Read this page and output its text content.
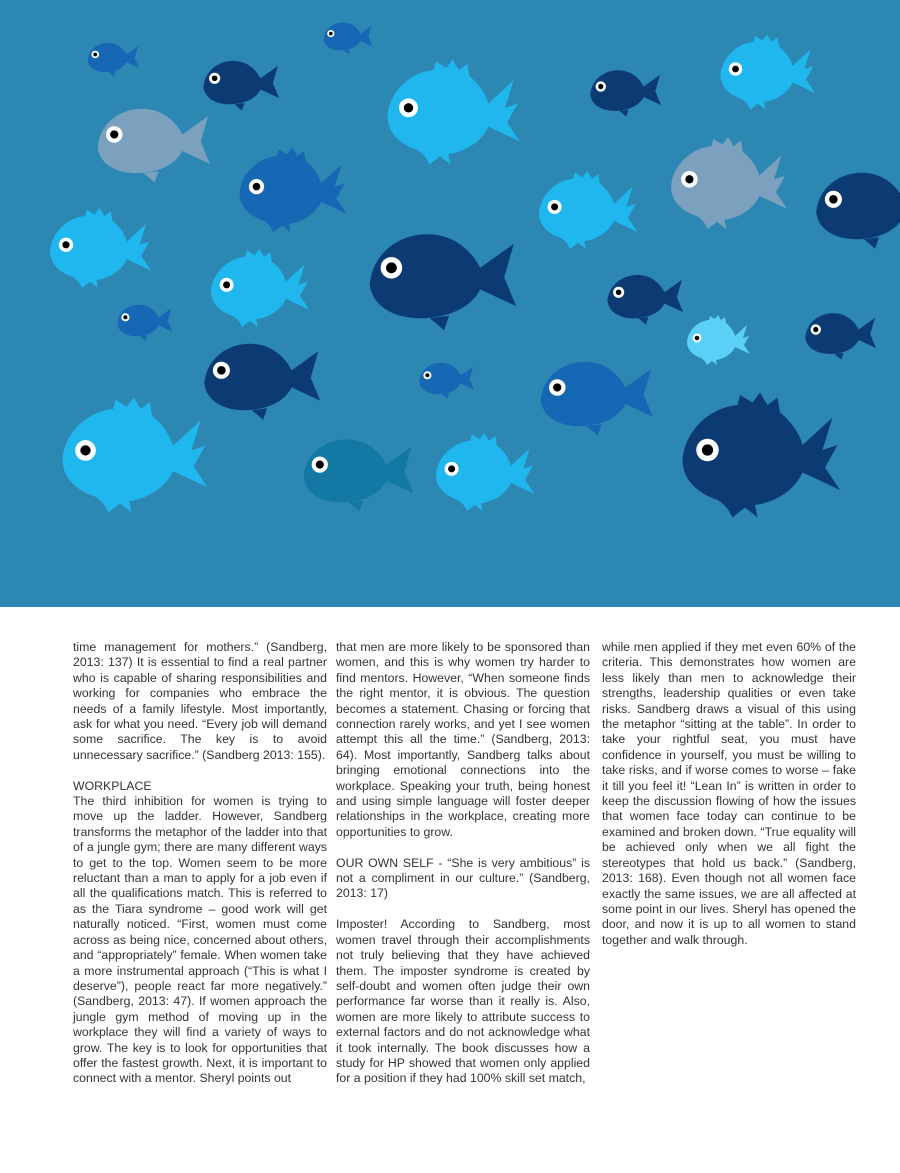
time management for mothers.” (Sandberg, 2013: 137) It is essential to find a real partner who is capable of sharing responsibilities and working for companies who embrace the needs of a family lifestyle. Most importantly, ask for what you need. “Every job will demand some sacrifice. The key is to avoid unnecessary sacrifice.” (Sandberg 2013: 155).

WORKPLACE

The third inhibition for women is trying to move up the ladder. However, Sandberg transforms the metaphor of the ladder into that of a jungle gym; there are many different ways to get to the top. Women seem to be more reluctant than a man to apply for a job even if all the qualifications match. This is referred to as the Tiara syndrome – good work will get naturally noticed. “First, women must come across as being nice, concerned about others, and “appropriately” female. When women take a more instrumental approach (“This is what I deserve”), people react far more negatively.” (Sandberg, 2013: 47). If women approach the jungle gym method of moving up in the workplace they will find a variety of ways to grow. The key is to look for opportunities that offer the fastest growth. Next, it is important to connect with a mentor. Sheryl points out

that men are more likely to be sponsored than women, and this is why women try harder to find mentors. However, “When someone finds the right mentor, it is obvious. The question becomes a statement. Chasing or forcing that connection rarely works, and yet I see women attempt this all the time.” (Sandberg, 2013: 64). Most importantly, Sandberg talks about bringing emotional connections into the workplace. Speaking your truth, being honest and using simple language will foster deeper relationships in the workplace, creating more opportunities to grow.

OUR OWN SELF - “She is very ambitious” is not a compliment in our culture.” (Sandberg, 2013: 17)

Imposter! According to Sandberg, most women travel through their accomplishments not truly believing that they have achieved them. The imposter syndrome is created by self-doubt and women often judge their own performance far worse than it really is. Also, women are more likely to attribute success to external factors and do not acknowledge what it took internally. The book discusses how a study for HP showed that women only applied for a position if they had 100% skill set match,

while men applied if they met even 60% of the criteria. This demonstrates how women are less likely than men to acknowledge their strengths, leadership qualities or even take risks. Sandberg draws a visual of this using the metaphor “sitting at the table”. In order to take your rightful seat, you must have confidence in yourself, you must be willing to take risks, and if worse comes to worse – fake it till you feel it! “Lean In” is written in order to keep the discussion flowing of how the issues that women face today can continue to be examined and broken down. “True equality will be achieved only when we all fight the stereotypes that hold us back.” (Sandberg, 2013: 168). Even though not all women face exactly the same issues, we are all affected at some point in our lives. Sheryl has opened the door, and now it is up to all women to stand together and walk through.
